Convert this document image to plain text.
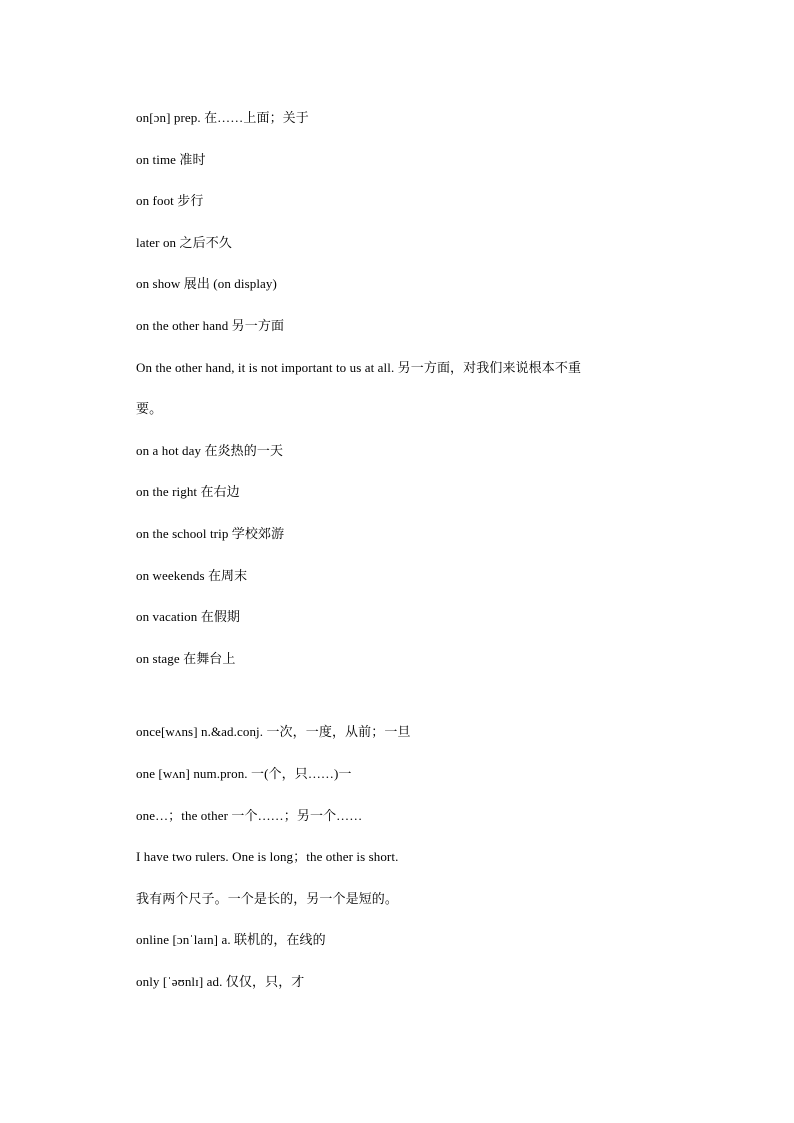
on[ɔn] prep. 在……上面；关于
on time 准时
on foot 步行
later on 之后不久
on show 展出 (on display)
on the other hand 另一方面
On the other hand, it is not important to us at all. 另一方面，对我们来说根本不重
要。
on a hot day 在炎热的一天
on the right 在右边
on the school trip 学校郊游
on weekends 在周末
on vacation 在假期
on stage 在舞台上
once[wʌns] n.&ad.conj. 一次，一度，从前；一旦
one [wʌn] num.pron. 一(个，只……)一
one…；the other 一个……；另一个……
I have two rulers. One is long；the other is short.
我有两个尺子。一个是长的，另一个是短的。
online [ɔnˈlaɪn] a. 联机的，在线的
only [ˈəʊnlɪ] ad. 仅仅，只，才
